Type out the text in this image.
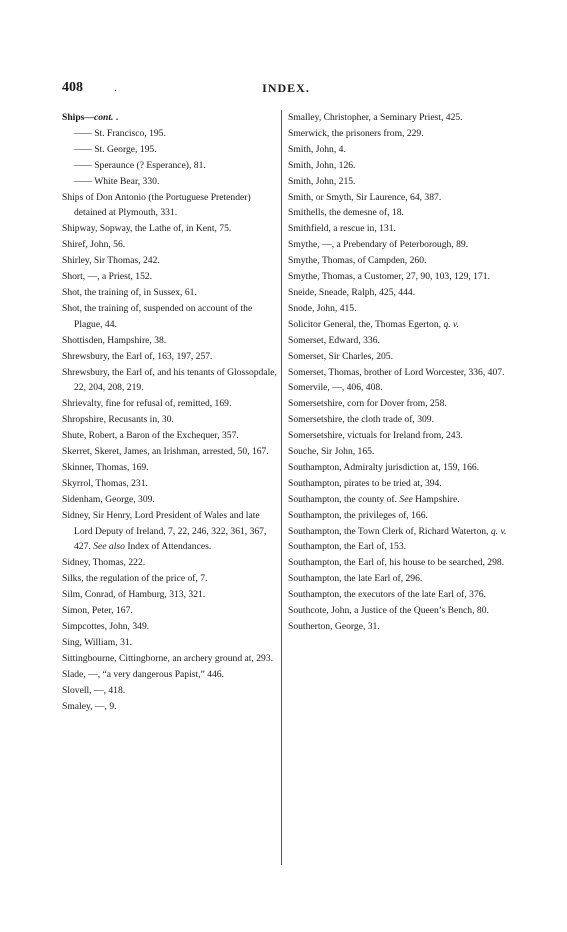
408	.	INDEX.
Ships—cont. .
—— St. Francisco, 195.
—— St. George, 195.
—— Speraunce (? Esperance), 81.
—— White Bear, 330.
Ships of Don Antonio (the Portuguese Pretender) detained at Plymouth, 331.
Shipway, Sopway, the Lathe of, in Kent, 75.
Shiref, John, 56.
Shirley, Sir Thomas, 242.
Short, —, a Priest, 152.
Shot, the training of, in Sussex, 61.
Shot, the training of, suspended on account of the Plague, 44.
Shottisden, Hampshire, 38.
Shrewsbury, the Earl of, 163, 197, 257.
Shrewsbury, the Earl of, and his tenants of Glossopdale, 22, 204, 208, 219.
Shrievalty, fine for refusal of, remitted, 169.
Shropshire, Recusants in, 30.
Shute, Robert, a Baron of the Exchequer, 357.
Skerret, Skeret, James, an Irishman, arrested, 50, 167.
Skinner, Thomas, 169.
Skyrrol, Thomas, 231.
Sidenham, George, 309.
Sidney, Sir Henry, Lord President of Wales and late Lord Deputy of Ireland, 7, 22, 246, 322, 361, 367, 427. See also Index of Attendances.
Sidney, Thomas, 222.
Silks, the regulation of the price of, 7.
Silm, Conrad, of Hamburg, 313, 321.
Simon, Peter, 167.
Simpcottes, John, 349.
Sing, William, 31.
Sittingbourne, Cittingborne, an archery ground at, 293.
Slade, —, “a very dangerous Papist,” 446.
Slovell, —, 418.
Smaley, —, 9.
Smalley, Christopher, a Seminary Priest, 425.
Smerwick, the prisoners from, 229.
Smith, John, 4.
Smith, John, 126.
Smith, John, 215.
Smith, or Smyth, Sir Laurence, 64, 387.
Smithells, the demesne of, 18.
Smithfield, a rescue in, 131.
Smythe, —, a Prebendary of Peterborough, 89.
Smythe, Thomas, of Campden, 260.
Smythe, Thomas, a Customer, 27, 90, 103, 129, 171.
Sneide, Sneade, Ralph, 425, 444.
Snode, John, 415.
Solicitor General, the, Thomas Egerton, q. v.
Somerset, Edward, 336.
Somerset, Sir Charles, 205.
Somerset, Thomas, brother of Lord Worcester, 336, 407.
Somervile, —, 406, 408.
Somersetshire, corn for Dover from, 258.
Somersetshire, the cloth trade of, 309.
Somersetshire, victuals for Ireland from, 243.
Souche, Sir John, 165.
Southampton, Admiralty jurisdiction at, 159, 166.
Southampton, pirates to be tried at, 394.
Southampton, the county of. See Hampshire.
Southampton, the privileges of, 166.
Southampton, the Town Clerk of, Richard Waterton, q. v.
Southampton, the Earl of, 153.
Southampton, the Earl of, his house to be searched, 298.
Southampton, the late Earl of, 296.
Southampton, the executors of the late Earl of, 376.
Southcote, John, a Justice of the Queen’s Bench, 80.
Southerton, George, 31.
